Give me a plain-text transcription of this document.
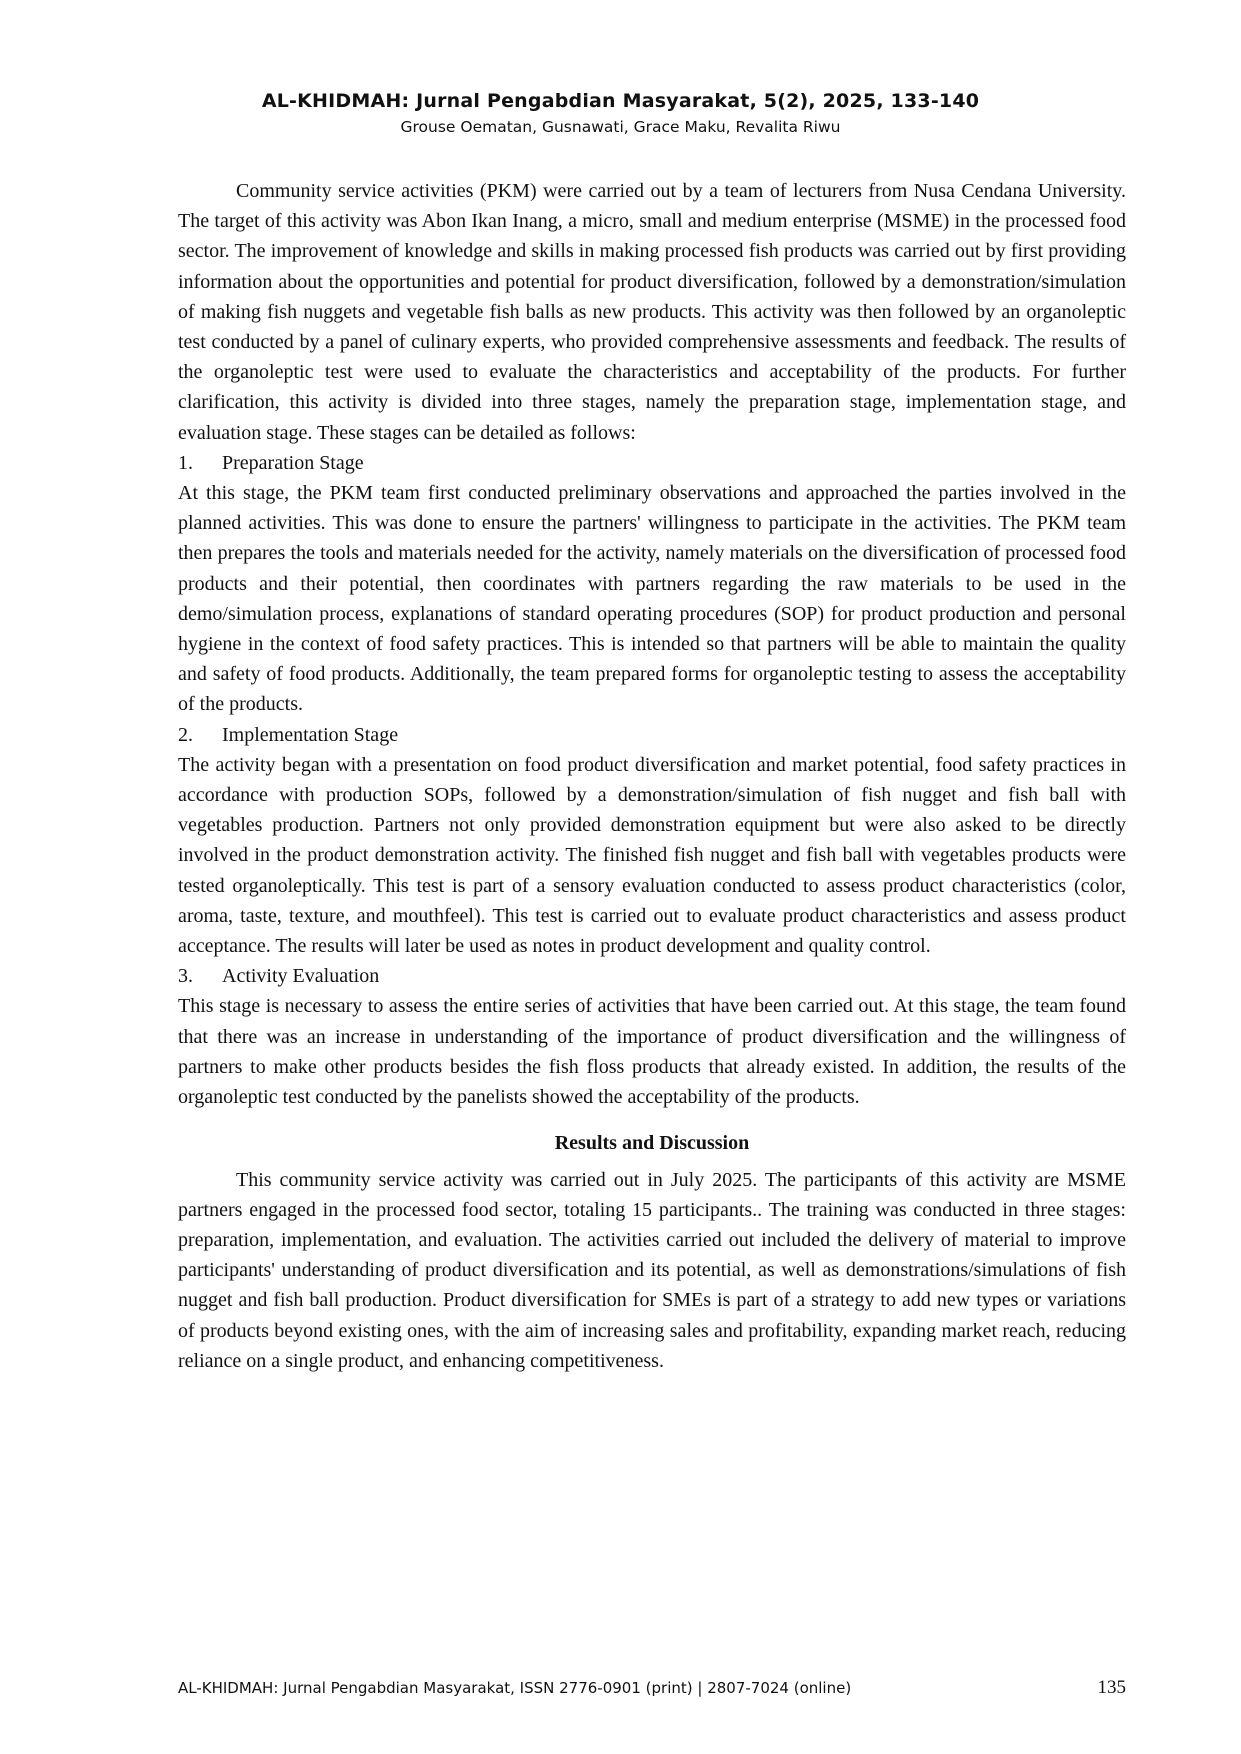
AL-KHIDMAH: Jurnal Pengabdian Masyarakat, 5(2), 2025, 133-140
Grouse Oematan, Gusnawati, Grace Maku, Revalita Riwu

Community service activities (PKM) were carried out by a team of lecturers from Nusa Cendana University. The target of this activity was Abon Ikan Inang, a micro, small and medium enterprise (MSME) in the processed food sector. The improvement of knowledge and skills in making processed fish products was carried out by first providing information about the opportunities and potential for product diversification, followed by a demonstration/simulation of making fish nuggets and vegetable fish balls as new products. This activity was then followed by an organoleptic test conducted by a panel of culinary experts, who provided comprehensive assessments and feedback. The results of the organoleptic test were used to evaluate the characteristics and acceptability of the products. For further clarification, this activity is divided into three stages, namely the preparation stage, implementation stage, and evaluation stage. These stages can be detailed as follows:

1.	Preparation Stage

At this stage, the PKM team first conducted preliminary observations and approached the parties involved in the planned activities. This was done to ensure the partners' willingness to participate in the activities. The PKM team then prepares the tools and materials needed for the activity, namely materials on the diversification of processed food products and their potential, then coordinates with partners regarding the raw materials to be used in the demo/simulation process, explanations of standard operating procedures (SOP) for product production and personal hygiene in the context of food safety practices. This is intended so that partners will be able to maintain the quality and safety of food products. Additionally, the team prepared forms for organoleptic testing to assess the acceptability of the products.

2.	Implementation Stage

The activity began with a presentation on food product diversification and market potential, food safety practices in accordance with production SOPs, followed by a demonstration/simulation of fish nugget and fish ball with vegetables production. Partners not only provided demonstration equipment but were also asked to be directly involved in the product demonstration activity. The finished fish nugget and fish ball with vegetables products were tested organoleptically. This test is part of a sensory evaluation conducted to assess product characteristics (color, aroma, taste, texture, and mouthfeel). This test is carried out to evaluate product characteristics and assess product acceptance. The results will later be used as notes in product development and quality control.

3.	Activity Evaluation

This stage is necessary to assess the entire series of activities that have been carried out. At this stage, the team found that there was an increase in understanding of the importance of product diversification and the willingness of partners to make other products besides the fish floss products that already existed. In addition, the results of the organoleptic test conducted by the panelists showed the acceptability of the products.

Results and Discussion

This community service activity was carried out in July 2025. The participants of this activity are MSME partners engaged in the processed food sector, totaling 15 participants.. The training was conducted in three stages: preparation, implementation, and evaluation. The activities carried out included the delivery of material to improve participants' understanding of product diversification and its potential, as well as demonstrations/simulations of fish nugget and fish ball production. Product diversification for SMEs is part of a strategy to add new types or variations of products beyond existing ones, with the aim of increasing sales and profitability, expanding market reach, reducing reliance on a single product, and enhancing competitiveness.

AL-KHIDMAH: Jurnal Pengabdian Masyarakat, ISSN 2776-0901 (print) | 2807-7024 (online)	135
